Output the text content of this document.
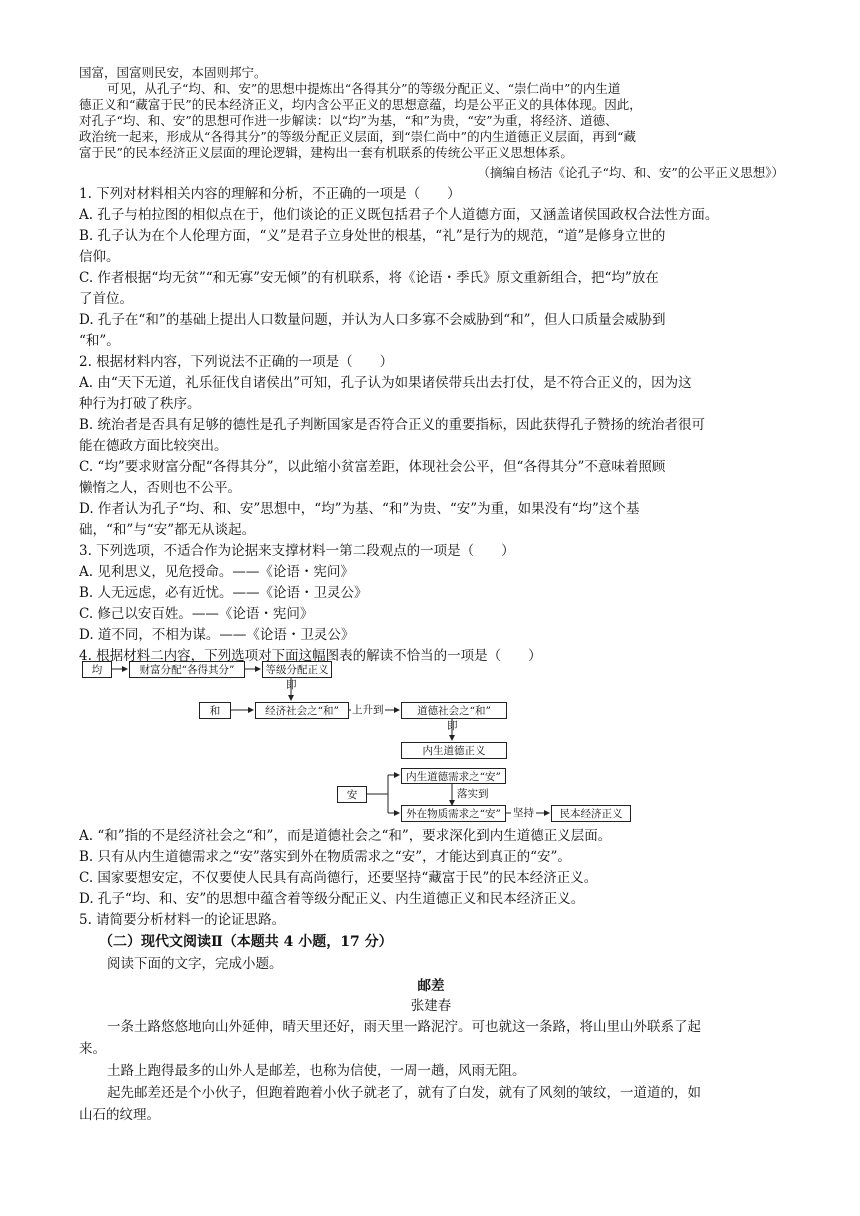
国富，国富则民安，本固则邦宁。
可见，从孔子“均、和、安”的思想中提炼出“各得其分”的等级分配正义、“崇仁尚中”的内生道
德正义和“藏富于民”的民本经济正义，均内含公平正义的思想意蕴，均是公平正义的具体体现。因此，
对孔子“均、和、安”的思想可作进一步解读：以“均”为基，“和”为贵，“安”为重，将经济、道德、
政治统一起来，形成从“各得其分”的等级分配正义层面，到“崇仁尚中”的内生道德正义层面，再到“藏
富于民”的民本经济正义层面的理论逻辑，建构出一套有机联系的传统公平正义思想体系。
（摘编自杨洁《论孔子“均、和、安”的公平正义思想》）
1. 下列对材料相关内容的理解和分析，不正确的一项是（　　）
A. 孔子与柏拉图的相似点在于，他们谈论的正义既包括君子个人道德方面，又涵盖诸侯国政权合法性方面。
B. 孔子认为在个人伦理方面，“义”是君子立身处世的根基，“礼”是行为的规范，“道”是修身立世的
信仰。
C. 作者根据“均无贫”“和无寡”安无倾”的有机联系，将《论语・季氏》原文重新组合，把“均”放在
了首位。
D. 孔子在“和”的基础上提出人口数量问题，并认为人口多寡不会威胁到“和”，但人口质量会威胁到
“和”。
2. 根据材料内容，下列说法不正确的一项是（　　）
A. 由“天下无道，礼乐征伐自诸侯出”可知，孔子认为如果诸侯带兵出去打仗，是不符合正义的，因为这
种行为打破了秩序。
B. 统治者是否具有足够的德性是孔子判断国家是否符合正义的重要指标，因此获得孔子赞扬的统治者很可
能在德政方面比较突出。
C. “均”要求财富分配“各得其分”，以此缩小贫富差距，体现社会公平，但“各得其分”不意味着照顾
懒惰之人，否则也不公平。
D. 作者认为孔子“均、和、安”思想中，“均”为基、“和”为贵、“安”为重，如果没有“均”这个基
础，“和”与“安”都无从谈起。
3. 下列选项，不适合作为论据来支撑材料一第二段观点的一项是（　　）
A. 见利思义，见危授命。——《论语・宪问》
B. 人无远虑，必有近忧。——《论语・卫灵公》
C. 修己以安百姓。——《论语・宪问》
D. 道不同，不相为谋。——《论语・卫灵公》
均	财富分配“各得其分”	等级分配正义
即
和	经济社会之“和”	上升到	道德社会之“和”
即
内生道德正义
安
内生道德需求之“安”
落实到
外在物质需求之“安”	坚持	民本经济正义
4. 根据材料二内容，下列选项对下面这幅图表的解读不恰当的一项是（　　）
A. “和”指的不是经济社会之“和”，而是道德社会之“和”，要求深化到内生道德正义层面。
B. 只有从内生道德需求之“安”落实到外在物质需求之“安”，才能达到真正的“安”。
C. 国家要想安定，不仅要使人民具有高尚德行，还要坚持“藏富于民”的民本经济正义。
D. 孔子“均、和、安”的思想中蕴含着等级分配正义、内生道德正义和民本经济正义。
5. 请简要分析材料一的论证思路。
（二）现代文阅读Ⅱ（本题共 4 小题，17 分）
阅读下面的文字，完成小题。
邮差
张建春
一条土路悠悠地向山外延伸，晴天里还好，雨天里一路泥泞。可也就这一条路，将山里山外联系了起
来。
土路上跑得最多的山外人是邮差，也称为信使，一周一趟，风雨无阻。
起先邮差还是个小伙子，但跑着跑着小伙子就老了，就有了白发，就有了风刻的皱纹，一道道的，如
山石的纹理。
